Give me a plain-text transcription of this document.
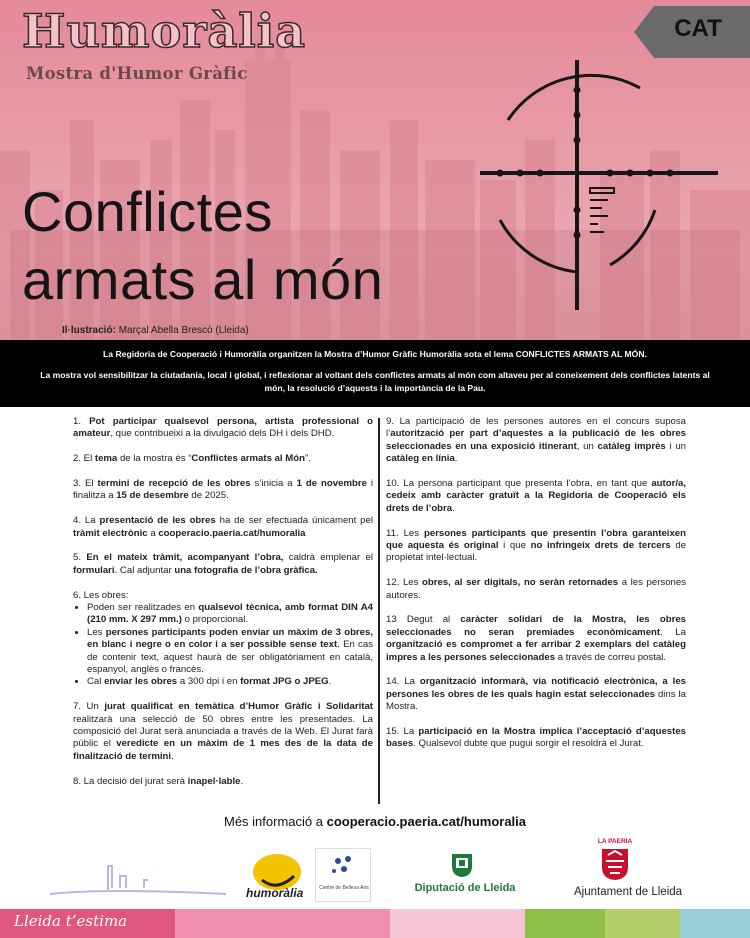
Humoràlia
Mostra d'Humor Gràfic
Conflictes
armats al món
Il·lustració: Marçal Abella Brescó (Lleida)
CAT

La Regidoria de Cooperació i Humoràlia organitzen la Mostra d’Humor Gràfic Humoràlia sota el lema CONFLICTES ARMATS AL MÓN.

La mostra vol sensibilitzar la ciutadania, local i global, i reflexionar al voltant dels conflictes armats al món com altaveu per al coneixement dels conflictes latents al món, la resolució d’aquests i la importància de la Pau.

1. Pot participar qualsevol persona, artista professional o amateur, que contribueixi a la divulgació dels DH i dels DHD.

2. El tema de la mostra és “Conflictes armats al Món”.

3. El termini de recepció de les obres s’inicia a 1 de novembre i finalitza a 15 de desembre de 2025.

4. La presentació de les obres ha de ser efectuada únicament pel tràmit electrònic a cooperacio.paeria.cat/humoralia

5. En el mateix tràmit, acompanyant l’obra, caldrà emplenar el formulari. Cal adjuntar una fotografia de l’obra gràfica.

6. Les obres:
• Poden ser realitzades en qualsevol tècnica, amb format DIN A4 (210 mm. X 297 mm.) o proporcional.
• Les persones participants poden enviar un màxim de 3 obres, en blanc i negre o en color i a ser possible sense text. En cas de contenir text, aquest haurà de ser obligatòriament en català, espanyol, anglès o francès.
• Cal enviar les obres a 300 dpi i en format JPG o JPEG.

7. Un jurat qualificat en temàtica d’Humor Gràfic i Solidaritat realitzarà una selecció de 50 obres entre les presentades. La composició del Jurat serà anunciada a través de la Web. El Jurat farà públic el veredicte en un màxim de 1 mes des de la data de finalització de termini.

8. La decisió del jurat serà inapel·lable.

9. La participació de les persones autores en el concurs suposa l’autorització per part d’aquestes a la publicació de les obres seleccionades en una exposició itinerant, un catàleg imprès i un catàleg en línia.

10. La persona participant que presenta l’obra, en tant que autor/a, cedeix amb caràcter gratuït a la Regidoria de Cooperació els drets de l’obra.

11. Les persones participants que presentin l’obra garanteixen que aquesta és original i que no infringeix drets de tercers de propietat intel·lectual.

12. Les obres, al ser digitals, no seràn retornades a les persones autores.

13 Degut al caràcter solidari de la Mostra, les obres seleccionades no seran premiades econòmicament. La organització es compromet a fer arribar 2 exemplars del catàleg impres a les persones seleccionades a través de correu postal.

14. La organització informarà, via notificació electrònica, a les persones les obres de les quals hagin estat seleccionades dins la Mostra.

15. La participació en la Mostra implica l’acceptació d’aquestes bases. Qualsevol dubte que pugui sorgir el resoldrà el Jurat.

Més informació a cooperacio.paeria.cat/humoralia
humoràlia	Centre de Bellesa Arts	Diputació de Lleida
LA PAERIA
Ajuntament de Lleida
Lleida t’estima
